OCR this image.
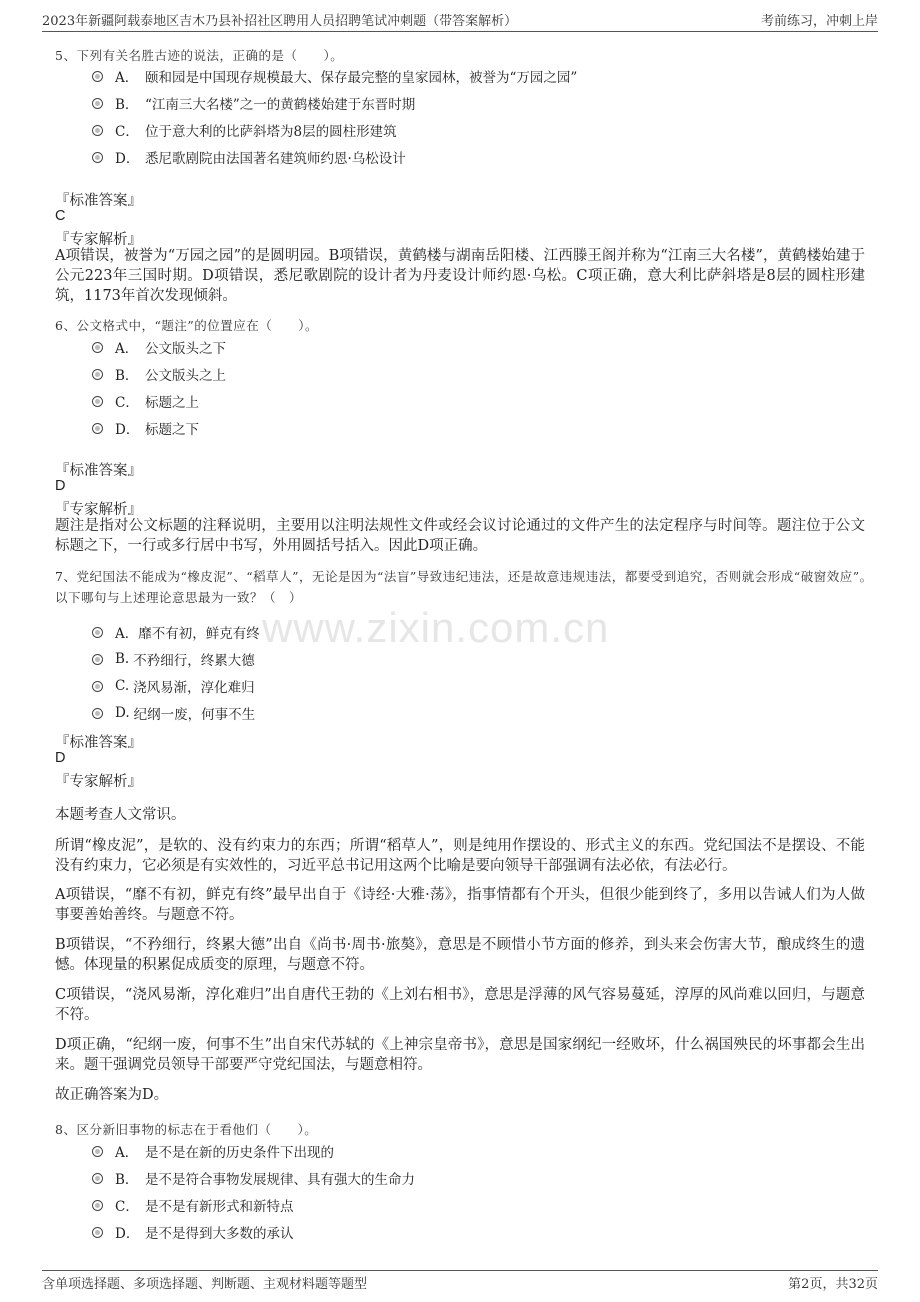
2023年新疆阿载泰地区吉木乃县补招社区聘用人员招聘笔试冲刺题（带答案解析）	考前练习，冲刺上岸
www.zixin.com.cn
5、下列有关名胜古迹的说法，正确的是（　　）。
A． 颐和园是中国现存规模最大、保存最完整的皇家园林，被誉为“万园之园”
B． “江南三大名楼”之一的黄鹤楼始建于东晋时期
C． 位于意大利的比萨斜塔为8层的圆柱形建筑
D． 悉尼歌剧院由法国著名建筑师约恩·乌松设计
『标准答案』
C
『专家解析』
A项错误，被誉为“万园之园”的是圆明园。B项错误，黄鹤楼与湖南岳阳楼、江西滕王阁并称为“江南三大名楼”，黄鹤楼始建于公元223年三国时期。D项错误，悉尼歌剧院的设计者为丹麦设计师约恩·乌松。C项正确，意大利比萨斜塔是8层的圆柱形建筑，1173年首次发现倾斜。
6、公文格式中，“题注”的位置应在（　　）。
A． 公文版头之下
B． 公文版头之上
C． 标题之上
D． 标题之下
『标准答案』
D
『专家解析』
题注是指对公文标题的注释说明，主要用以注明法规性文件或经会议讨论通过的文件产生的法定程序与时间等。题注位于公文标题之下，一行或多行居中书写，外用圆括号括入。因此D项正确。
7、党纪国法不能成为“橡皮泥”、“稻草人”，无论是因为“法盲”导致违纪违法，还是故意违规违法，都要受到追究，否则就会形成“破窗效应”。以下哪句与上述理论意思最为一致？（　）
A． 靡不有初，鲜克有终
B. 不矜细行，终累大德
C. 浇风易渐，淳化难归
D. 纪纲一废，何事不生
『标准答案』
D
『专家解析』
本题考查人文常识。
所谓“橡皮泥”，是软的、没有约束力的东西；所谓“稻草人”，则是纯用作摆设的、形式主义的东西。党纪国法不是摆设、不能没有约束力，它必须是有实效性的，习近平总书记用这两个比喻是要向领导干部强调有法必依，有法必行。
A项错误，“靡不有初，鲜克有终”最早出自于《诗经·大雅·荡》，指事情都有个开头，但很少能到终了，多用以告诫人们为人做事要善始善终。与题意不符。
B项错误，“不矜细行，终累大德”出自《尚书·周书·旅獒》，意思是不顾惜小节方面的修养，到头来会伤害大节，酿成终生的遗憾。体现量的积累促成质变的原理，与题意不符。
C项错误，“浇风易渐，淳化难归”出自唐代王勃的《上刘右相书》，意思是浮薄的风气容易蔓延，淳厚的风尚难以回归，与题意不符。
D项正确，“纪纲一废，何事不生”出自宋代苏轼的《上神宗皇帝书》，意思是国家纲纪一经败坏，什么祸国殃民的坏事都会生出来。题干强调党员领导干部要严守党纪国法，与题意相符。
故正确答案为D。
8、区分新旧事物的标志在于看他们（　　）。
A． 是不是在新的历史条件下出现的
B． 是不是符合事物发展规律、具有强大的生命力
C． 是不是有新形式和新特点
D． 是不是得到大多数的承认
含单项选择题、多项选择题、判断题、主观材料题等题型	第2页，共32页
